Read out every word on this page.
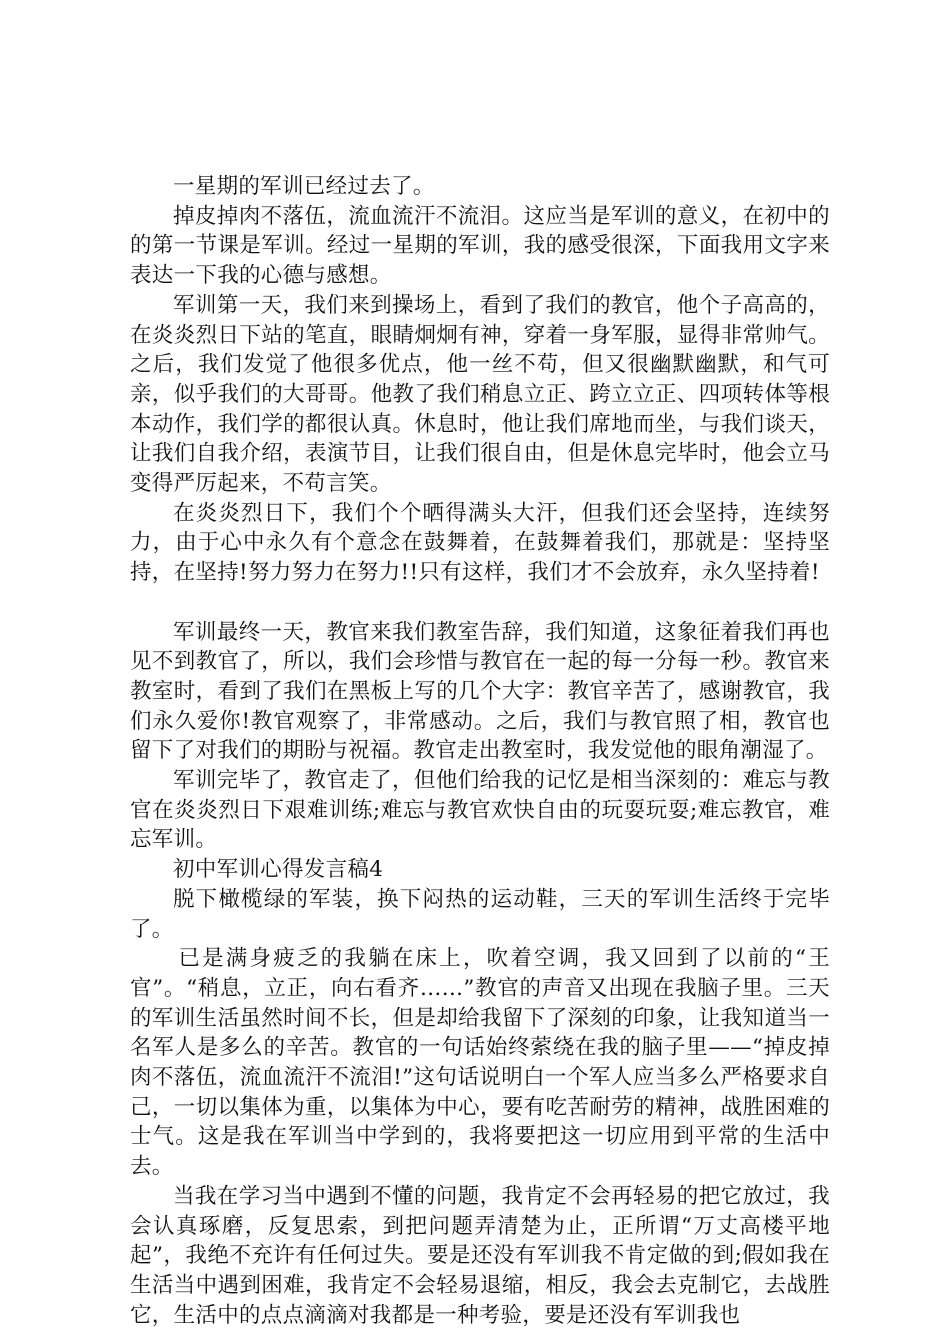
一星期的军训已经过去了。

掉皮掉肉不落伍，流血流汗不流泪。这应当是军训的意义，在初中的的第一节课是军训。经过一星期的军训，我的感受很深，下面我用文字来表达一下我的心德与感想。

军训第一天，我们来到操场上，看到了我们的教官，他个子高高的，在炎炎烈日下站的笔直，眼睛炯炯有神，穿着一身军服，显得非常帅气。之后，我们发觉了他很多优点，他一丝不苟，但又很幽默幽默，和气可亲，似乎我们的大哥哥。他教了我们稍息立正、跨立立正、四项转体等根本动作，我们学的都很认真。休息时，他让我们席地而坐，与我们谈天，让我们自我介绍，表演节目，让我们很自由，但是休息完毕时，他会立马变得严厉起来，不苟言笑。

在炎炎烈日下，我们个个晒得满头大汗，但我们还会坚持，连续努力，由于心中永久有个意念在鼓舞着，在鼓舞着我们，那就是：坚持坚持，在坚持!努力努力在努力!!只有这样，我们才不会放弃，永久坚持着!

军训最终一天，教官来我们教室告辞，我们知道，这象征着我们再也见不到教官了，所以，我们会珍惜与教官在一起的每一分每一秒。教官来教室时，看到了我们在黑板上写的几个大字：教官辛苦了，感谢教官，我们永久爱你!教官观察了，非常感动。之后，我们与教官照了相，教官也留下了对我们的期盼与祝福。教官走出教室时，我发觉他的眼角潮湿了。

军训完毕了，教官走了，但他们给我的记忆是相当深刻的：难忘与教官在炎炎烈日下艰难训练;难忘与教官欢快自由的玩耍玩耍;难忘教官，难忘军训。

初中军训心得发言稿4

脱下橄榄绿的军装，换下闷热的运动鞋，三天的军训生活终于完毕了。

已是满身疲乏的我躺在床上，吹着空调，我又回到了以前的“王官”。“稍息，立正，向右看齐……”教官的声音又出现在我脑子里。三天的军训生活虽然时间不长，但是却给我留下了深刻的印象，让我知道当一名军人是多么的辛苦。教官的一句话始终萦绕在我的脑子里——“掉皮掉肉不落伍，流血流汗不流泪!”这句话说明白一个军人应当多么严格要求自己，一切以集体为重，以集体为中心，要有吃苦耐劳的精神，战胜困难的士气。这是我在军训当中学到的，我将要把这一切应用到平常的生活中去。

当我在学习当中遇到不懂的问题，我肯定不会再轻易的把它放过，我会认真琢磨，反复思索，到把问题弄清楚为止，正所谓“万丈高楼平地起”，我绝不充许有任何过失。要是还没有军训我不肯定做的到;假如我在生活当中遇到困难，我肯定不会轻易退缩，相反，我会去克制它，去战胜它，生活中的点点滴滴对我都是一种考验，要是还没有军训我也
